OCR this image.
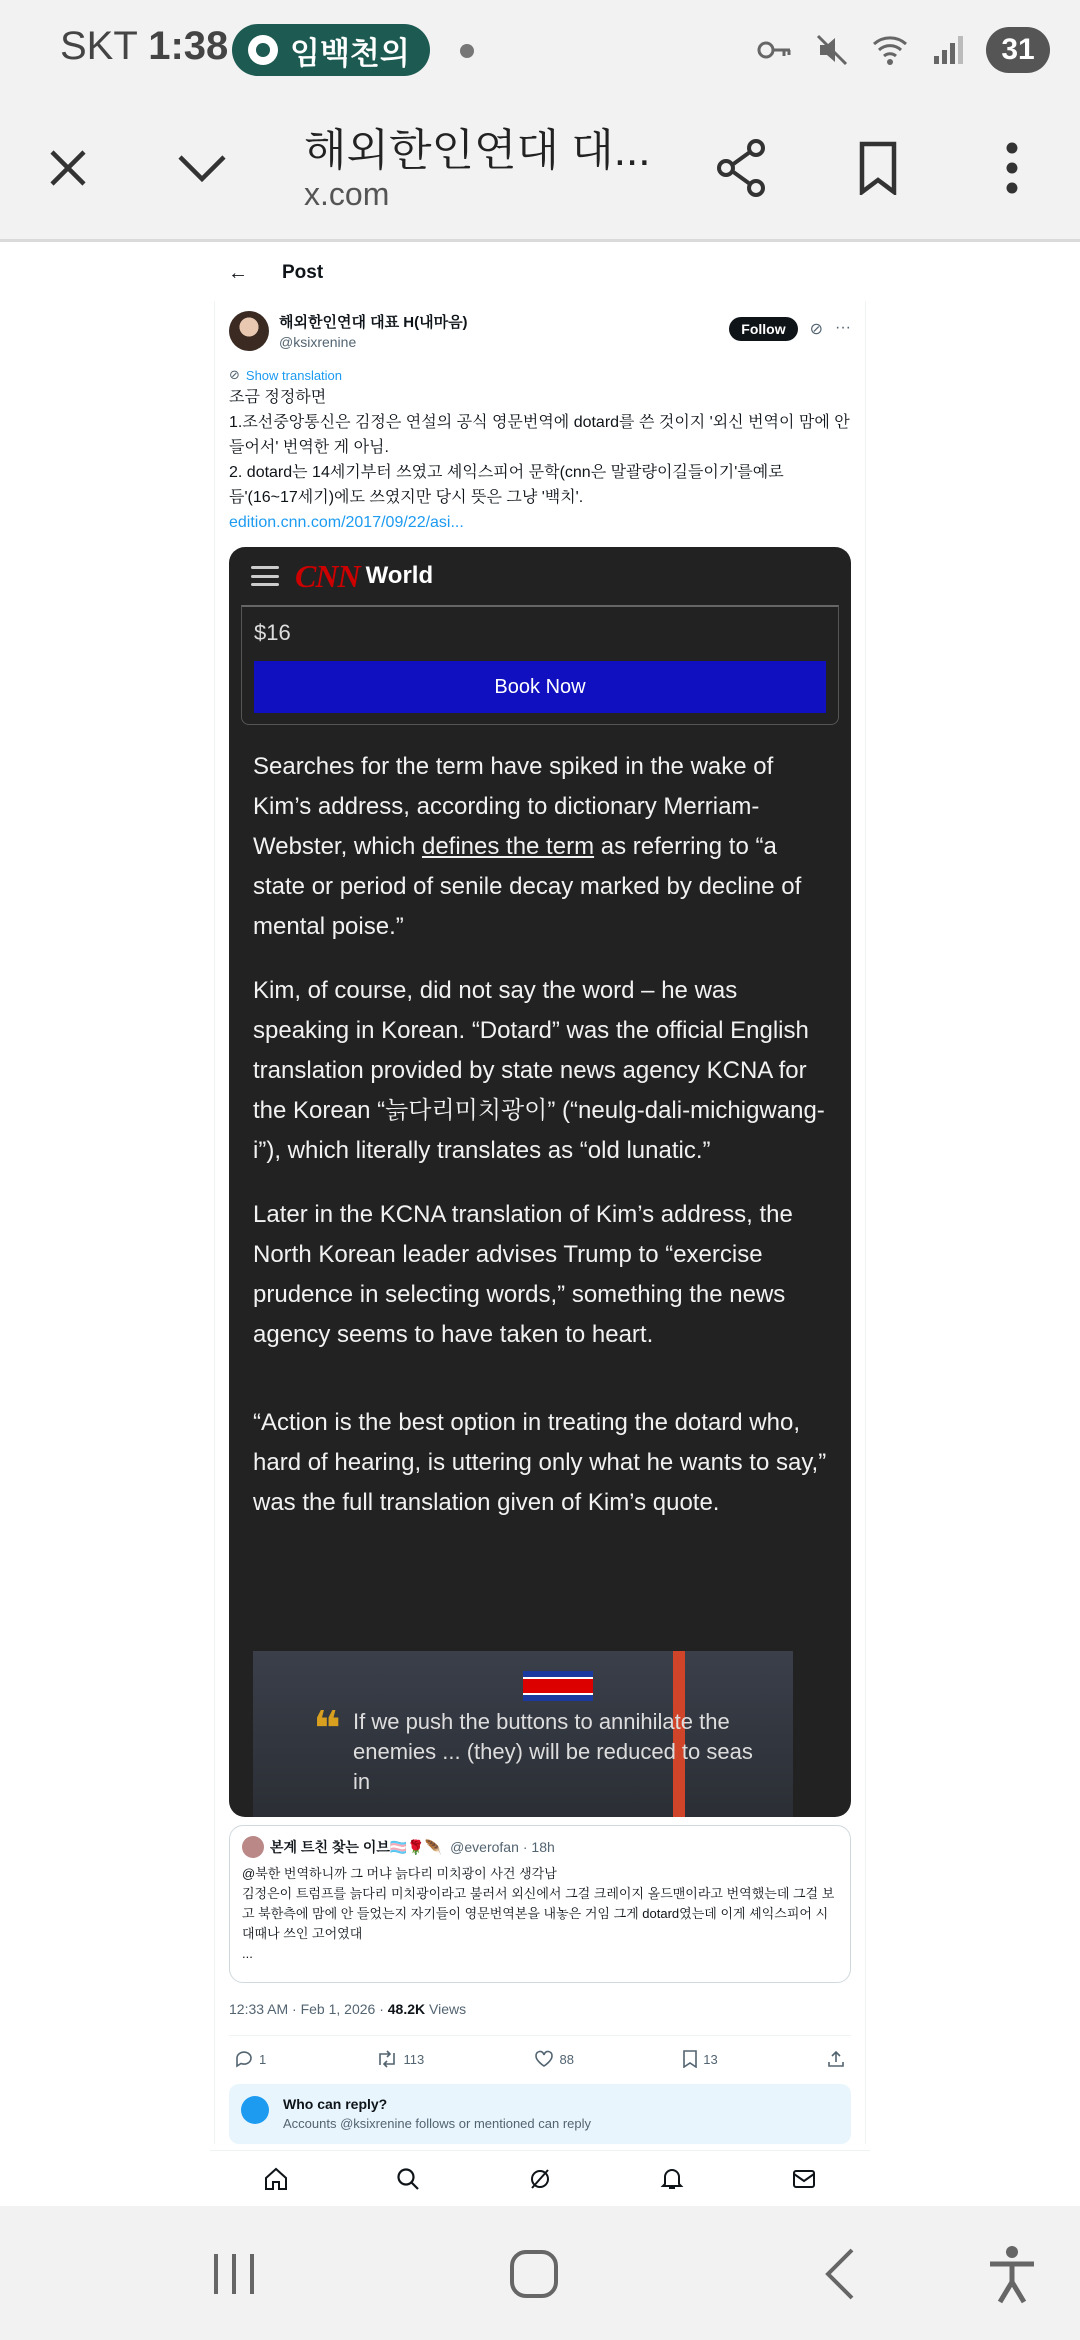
SKT 1:38 임백천의	31
해외한인연대 대...
x.com
←	Post
해외한인연대 대표 H(내마음)
@ksixrenine
Follow	⊘ ···
⊘ Show translation

조금 정정하면

1.조선중앙통신은 김정은 연설의 공식 영문번역에 dotard를 쓴 것이지 '외신 번역이 맘에 안들어서' 번역한 게 아님.

2. dotard는 14세기부터 쓰였고 셰익스피어 문학(cnn은 말괄량이길들이기'를예로듬'(16~17세기)에도 쓰였지만 당시 뜻은 그냥 '백치'.

edition.cnn.com/2017/09/22/asi...
CNN World
$16
Book Now

Searches for the term have spiked in the wake of Kim’s address, according to dictionary Merriam-Webster, which defines the term as referring to “a state or period of senile decay marked by decline of mental poise.”

Kim, of course, did not say the word – he was speaking in Korean. “Dotard” was the official English translation provided by state news agency KCNA for the Korean “늙다리미치광이” (“neulg-dali-michigwang-i”), which literally translates as “old lunatic.”

Later in the KCNA translation of Kim’s address, the North Korean leader advises Trump to “exercise prudence in selecting words,” something the news agency seems to have taken to heart.

“Action is the best option in treating the dotard who, hard of hearing, is uttering only what he wants to say,” was the full translation given of Kim’s quote.

❝ If we push the buttons to annihilate the enemies ... (they) will be reduced to seas in
본계 트친 찾는 이브🏳️‍⚧️🌹🪶 @everofan · 18h
@북한 번역하니까 그 머냐 늙다리 미치광이 사건 생각남
김정은이 트럼프를 늙다리 미치광이라고 불러서 외신에서 그걸 크레이지 올드맨이라고 번역했는데 그걸 보고 북한측에 맘에 안 들었는지 자기들이 영문번역본을 내놓은 거임 그게 dotard였는데 이게 셰익스피어 시대때나 쓰인 고어였대
...
12:33 AM · Feb 1, 2026 · 48.2K Views
1	113	88	13
Who can reply?
Accounts @ksixrenine follows or mentioned can reply
